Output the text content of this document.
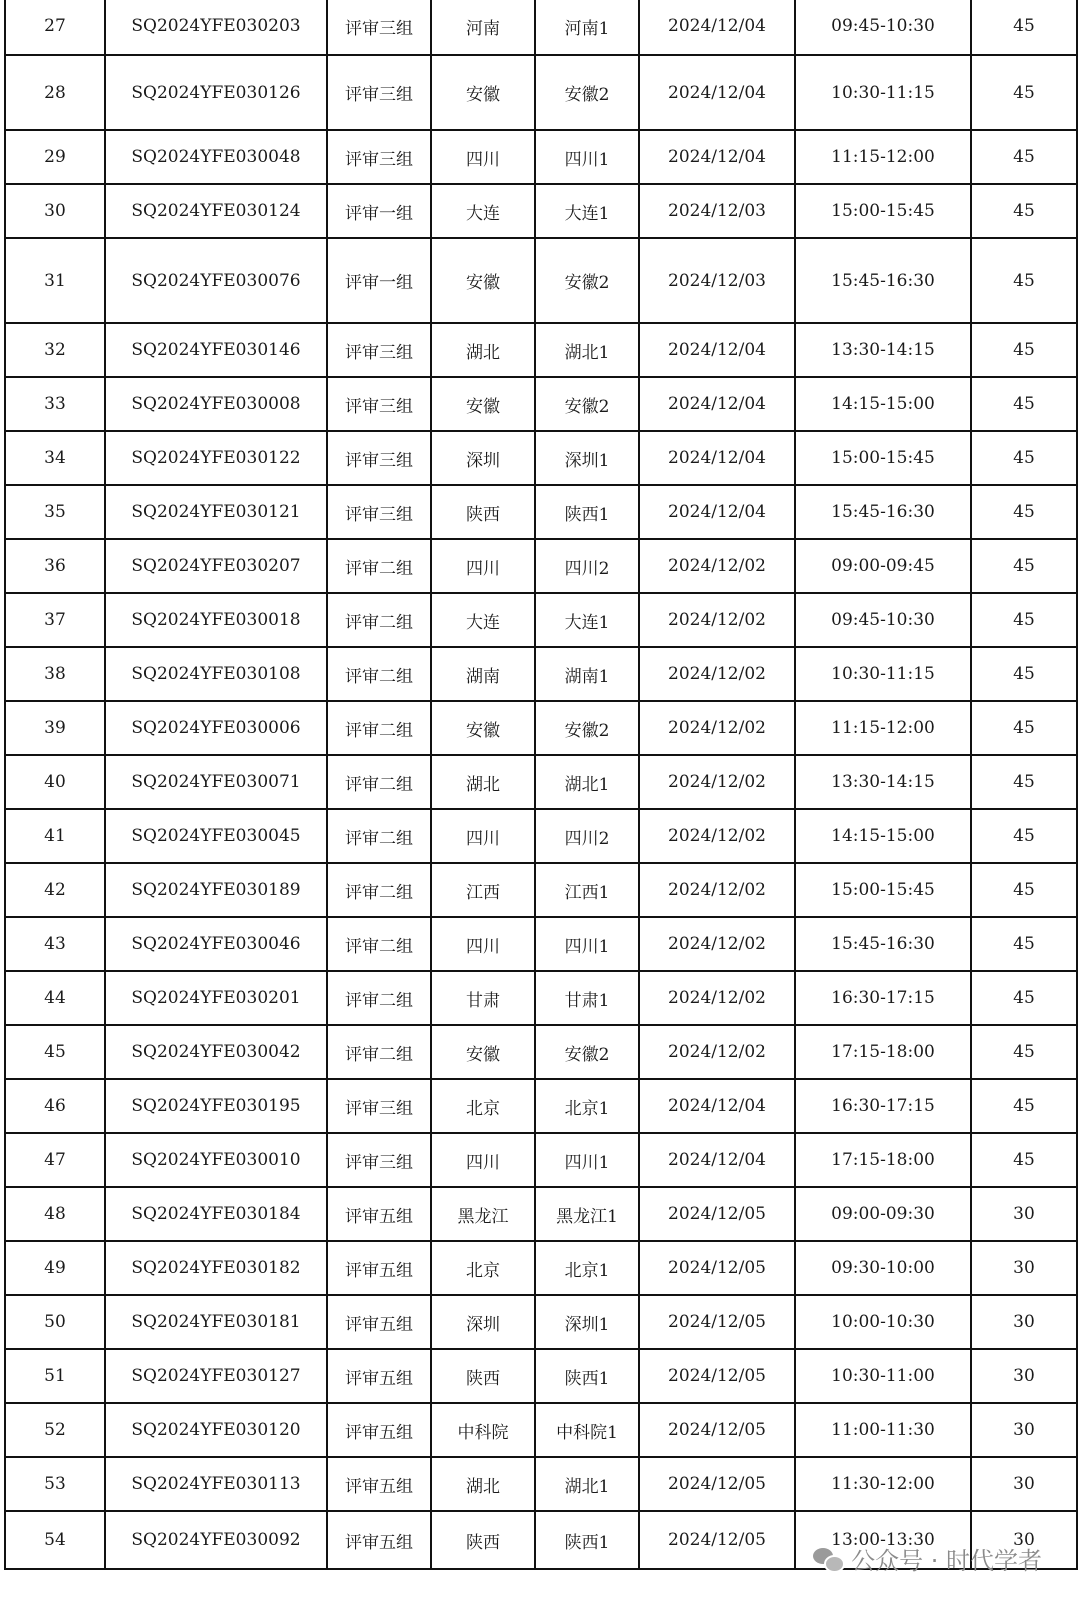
27	SQ2024YFE030203	评审三组	河南	河南1	2024/12/04	09:45-10:30	45
28	SQ2024YFE030126	评审三组	安徽	安徽2	2024/12/04	10:30-11:15	45
29	SQ2024YFE030048	评审三组	四川	四川1	2024/12/04	11:15-12:00	45
30	SQ2024YFE030124	评审一组	大连	大连1	2024/12/03	15:00-15:45	45
31	SQ2024YFE030076	评审一组	安徽	安徽2	2024/12/03	15:45-16:30	45
32	SQ2024YFE030146	评审三组	湖北	湖北1	2024/12/04	13:30-14:15	45
33	SQ2024YFE030008	评审三组	安徽	安徽2	2024/12/04	14:15-15:00	45
34	SQ2024YFE030122	评审三组	深圳	深圳1	2024/12/04	15:00-15:45	45
35	SQ2024YFE030121	评审三组	陕西	陕西1	2024/12/04	15:45-16:30	45
36	SQ2024YFE030207	评审二组	四川	四川2	2024/12/02	09:00-09:45	45
37	SQ2024YFE030018	评审二组	大连	大连1	2024/12/02	09:45-10:30	45
38	SQ2024YFE030108	评审二组	湖南	湖南1	2024/12/02	10:30-11:15	45
39	SQ2024YFE030006	评审二组	安徽	安徽2	2024/12/02	11:15-12:00	45
40	SQ2024YFE030071	评审二组	湖北	湖北1	2024/12/02	13:30-14:15	45
41	SQ2024YFE030045	评审二组	四川	四川2	2024/12/02	14:15-15:00	45
42	SQ2024YFE030189	评审二组	江西	江西1	2024/12/02	15:00-15:45	45
43	SQ2024YFE030046	评审二组	四川	四川1	2024/12/02	15:45-16:30	45
44	SQ2024YFE030201	评审二组	甘肃	甘肃1	2024/12/02	16:30-17:15	45
45	SQ2024YFE030042	评审二组	安徽	安徽2	2024/12/02	17:15-18:00	45
46	SQ2024YFE030195	评审三组	北京	北京1	2024/12/04	16:30-17:15	45
47	SQ2024YFE030010	评审三组	四川	四川1	2024/12/04	17:15-18:00	45
48	SQ2024YFE030184	评审五组	黑龙江	黑龙江1	2024/12/05	09:00-09:30	30
49	SQ2024YFE030182	评审五组	北京	北京1	2024/12/05	09:30-10:00	30
50	SQ2024YFE030181	评审五组	深圳	深圳1	2024/12/05	10:00-10:30	30
51	SQ2024YFE030127	评审五组	陕西	陕西1	2024/12/05	10:30-11:00	30
52	SQ2024YFE030120	评审五组	中科院	中科院1	2024/12/05	11:00-11:30	30
53	SQ2024YFE030113	评审五组	湖北	湖北1	2024/12/05	11:30-12:00	30
54	SQ2024YFE030092	评审五组	陕西	陕西1	2024/12/05	13:00-13:30	30
公众号 · 时代学者
